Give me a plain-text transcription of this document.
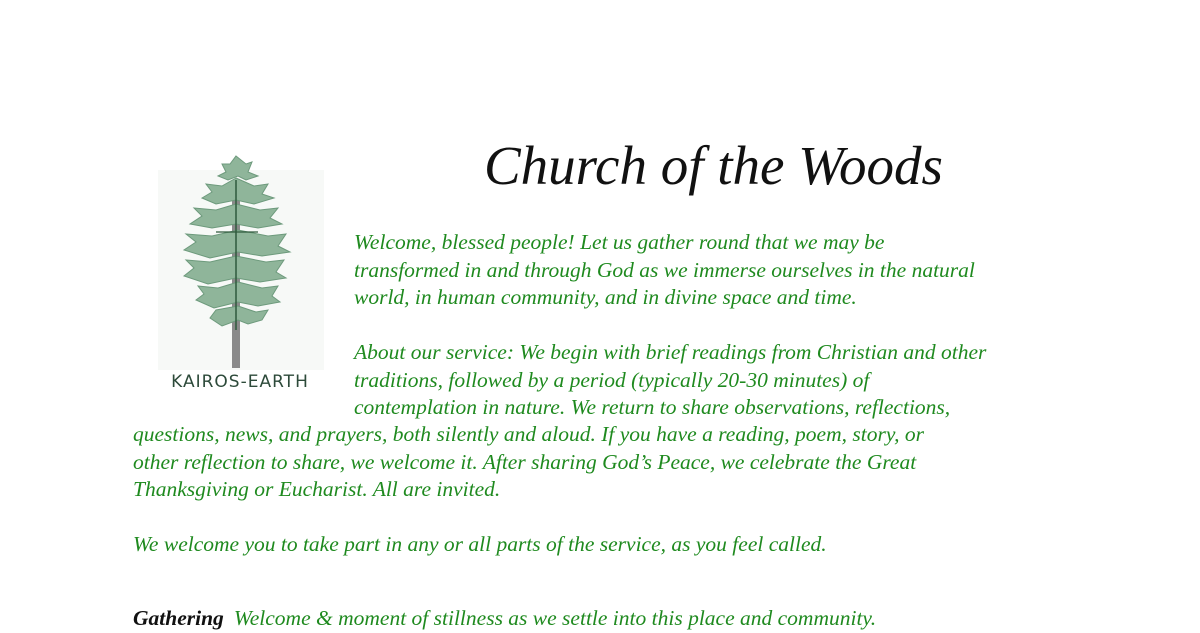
KAIROS-EARTH
Church of the Woods

Welcome, blessed people! Let us gather round that we may be
transformed in and through God as we immerse ourselves in the natural
world, in human community, and in divine space and time.

About our service: We begin with brief readings from Christian and other
traditions, followed by a period (typically 20-30 minutes) of
contemplation in nature. We return to share observations, reflections,

questions, news, and prayers, both silently and aloud. If you have a reading, poem, story, or
other reflection to share, we welcome it. After sharing God’s Peace, we celebrate the Great
Thanksgiving or Eucharist. All are invited.

We welcome you to take part in any or all parts of the service, as you feel called.

Gathering Welcome & moment of stillness as we settle into this place and community.
